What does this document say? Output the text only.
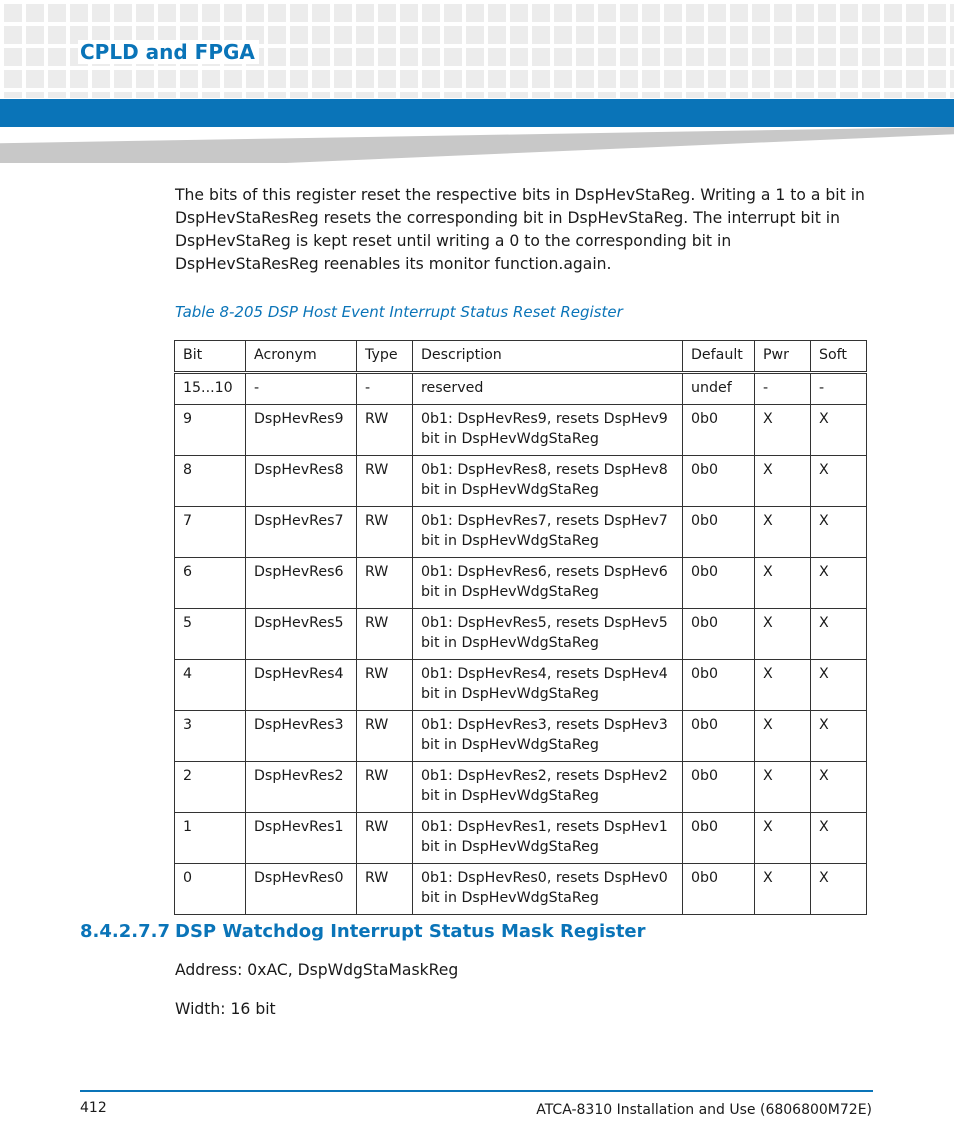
CPLD and FPGA

The bits of this register reset the respective bits in DspHevStaReg. Writing a 1 to a bit in DspHevStaResReg resets the corresponding bit in DspHevStaReg. The interrupt bit in DspHevStaReg is kept reset until writing a 0 to the corresponding bit in DspHevStaResReg reenables its monitor function.again.

Table 8-205 DSP Host Event Interrupt Status Reset Register

Bit	Acronym	Type	Description	Default	Pwr	Soft
15...10	-	-	reserved	undef	-	-
9	DspHevRes9	RW	0b1: DspHevRes9, resets DspHev9 bit in DspHevWdgStaReg	0b0	X	X
8	DspHevRes8	RW	0b1: DspHevRes8, resets DspHev8 bit in DspHevWdgStaReg	0b0	X	X
7	DspHevRes7	RW	0b1: DspHevRes7, resets DspHev7 bit in DspHevWdgStaReg	0b0	X	X
6	DspHevRes6	RW	0b1: DspHevRes6, resets DspHev6 bit in DspHevWdgStaReg	0b0	X	X
5	DspHevRes5	RW	0b1: DspHevRes5, resets DspHev5 bit in DspHevWdgStaReg	0b0	X	X
4	DspHevRes4	RW	0b1: DspHevRes4, resets DspHev4 bit in DspHevWdgStaReg	0b0	X	X
3	DspHevRes3	RW	0b1: DspHevRes3, resets DspHev3 bit in DspHevWdgStaReg	0b0	X	X
2	DspHevRes2	RW	0b1: DspHevRes2, resets DspHev2 bit in DspHevWdgStaReg	0b0	X	X
1	DspHevRes1	RW	0b1: DspHevRes1, resets DspHev1 bit in DspHevWdgStaReg	0b0	X	X
0	DspHevRes0	RW	0b1: DspHevRes0, resets DspHev0 bit in DspHevWdgStaReg	0b0	X	X
8.4.2.7.7 DSP Watchdog Interrupt Status Mask Register

Address: 0xAC, DspWdgStaMaskReg

Width: 16 bit

412	ATCA-8310 Installation and Use (6806800M72E)
